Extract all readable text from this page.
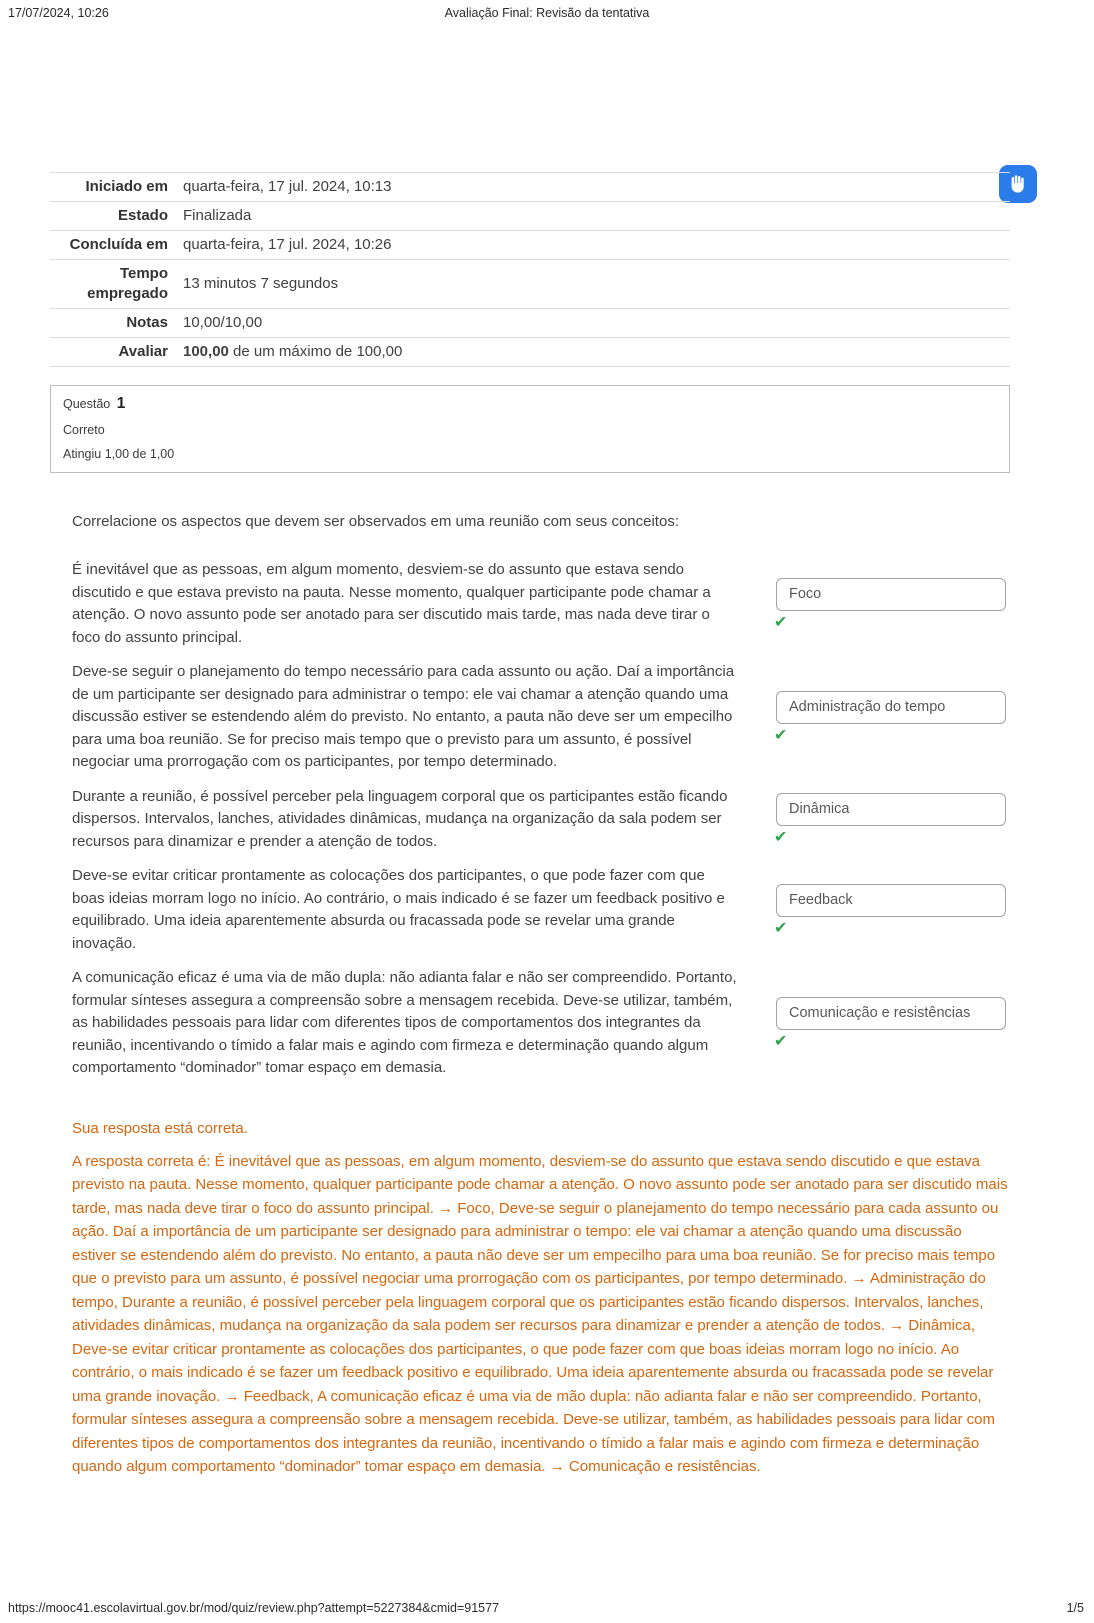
17/07/2024, 10:26	Avaliação Final: Revisão da tentativa
Iniciado em	quarta-feira, 17 jul. 2024, 10:13
Estado	Finalizada
Concluída em	quarta-feira, 17 jul. 2024, 10:26
Tempo empregado	13 minutos 7 segundos
Notas	10,00/10,00
Avaliar	100,00 de um máximo de 100,00
Questão 1
Correto
Atingiu 1,00 de 1,00

Correlacione os aspectos que devem ser observados em uma reunião com seus conceitos:

É inevitável que as pessoas, em algum momento, desviem-se do assunto que estava sendo discutido e que estava previsto na pauta. Nesse momento, qualquer participante pode chamar a atenção. O novo assunto pode ser anotado para ser discutido mais tarde, mas nada deve tirar o foco do assunto principal.

Foco
✔

Deve-se seguir o planejamento do tempo necessário para cada assunto ou ação. Daí a importância de um participante ser designado para administrar o tempo: ele vai chamar a atenção quando uma discussão estiver se estendendo além do previsto. No entanto, a pauta não deve ser um empecilho para uma boa reunião. Se for preciso mais tempo que o previsto para um assunto, é possível negociar uma prorrogação com os participantes, por tempo determinado.

Administração do tempo
✔

Durante a reunião, é possível perceber pela linguagem corporal que os participantes estão ficando dispersos. Intervalos, lanches, atividades dinâmicas, mudança na organização da sala podem ser recursos para dinamizar e prender a atenção de todos.

Dinâmica
✔

Deve-se evitar criticar prontamente as colocações dos participantes, o que pode fazer com que boas ideias morram logo no início. Ao contrário, o mais indicado é se fazer um feedback positivo e equilibrado. Uma ideia aparentemente absurda ou fracassada pode se revelar uma grande inovação.

Feedback
✔

A comunicação eficaz é uma via de mão dupla: não adianta falar e não ser compreendido. Portanto, formular sínteses assegura a compreensão sobre a mensagem recebida. Deve-se utilizar, também, as habilidades pessoais para lidar com diferentes tipos de comportamentos dos integrantes da reunião, incentivando o tímido a falar mais e agindo com firmeza e determinação quando algum comportamento “dominador” tomar espaço em demasia.

Comunicação e resistências
✔

Sua resposta está correta.

A resposta correta é: É inevitável que as pessoas, em algum momento, desviem-se do assunto que estava sendo discutido e que estava previsto na pauta. Nesse momento, qualquer participante pode chamar a atenção. O novo assunto pode ser anotado para ser discutido mais tarde, mas nada deve tirar o foco do assunto principal. → Foco, Deve-se seguir o planejamento do tempo necessário para cada assunto ou ação. Daí a importância de um participante ser designado para administrar o tempo: ele vai chamar a atenção quando uma discussão estiver se estendendo além do previsto. No entanto, a pauta não deve ser um empecilho para uma boa reunião. Se for preciso mais tempo que o previsto para um assunto, é possível negociar uma prorrogação com os participantes, por tempo determinado. → Administração do tempo, Durante a reunião, é possível perceber pela linguagem corporal que os participantes estão ficando dispersos. Intervalos, lanches, atividades dinâmicas, mudança na organização da sala podem ser recursos para dinamizar e prender a atenção de todos. → Dinâmica, Deve-se evitar criticar prontamente as colocações dos participantes, o que pode fazer com que boas ideias morram logo no início. Ao contrário, o mais indicado é se fazer um feedback positivo e equilibrado. Uma ideia aparentemente absurda ou fracassada pode se revelar uma grande inovação. → Feedback, A comunicação eficaz é uma via de mão dupla: não adianta falar e não ser compreendido. Portanto, formular sínteses assegura a compreensão sobre a mensagem recebida. Deve-se utilizar, também, as habilidades pessoais para lidar com diferentes tipos de comportamentos dos integrantes da reunião, incentivando o tímido a falar mais e agindo com firmeza e determinação quando algum comportamento “dominador” tomar espaço em demasia. → Comunicação e resistências.

https://mooc41.escolavirtual.gov.br/mod/quiz/review.php?attempt=5227384&cmid=91577	1/5
